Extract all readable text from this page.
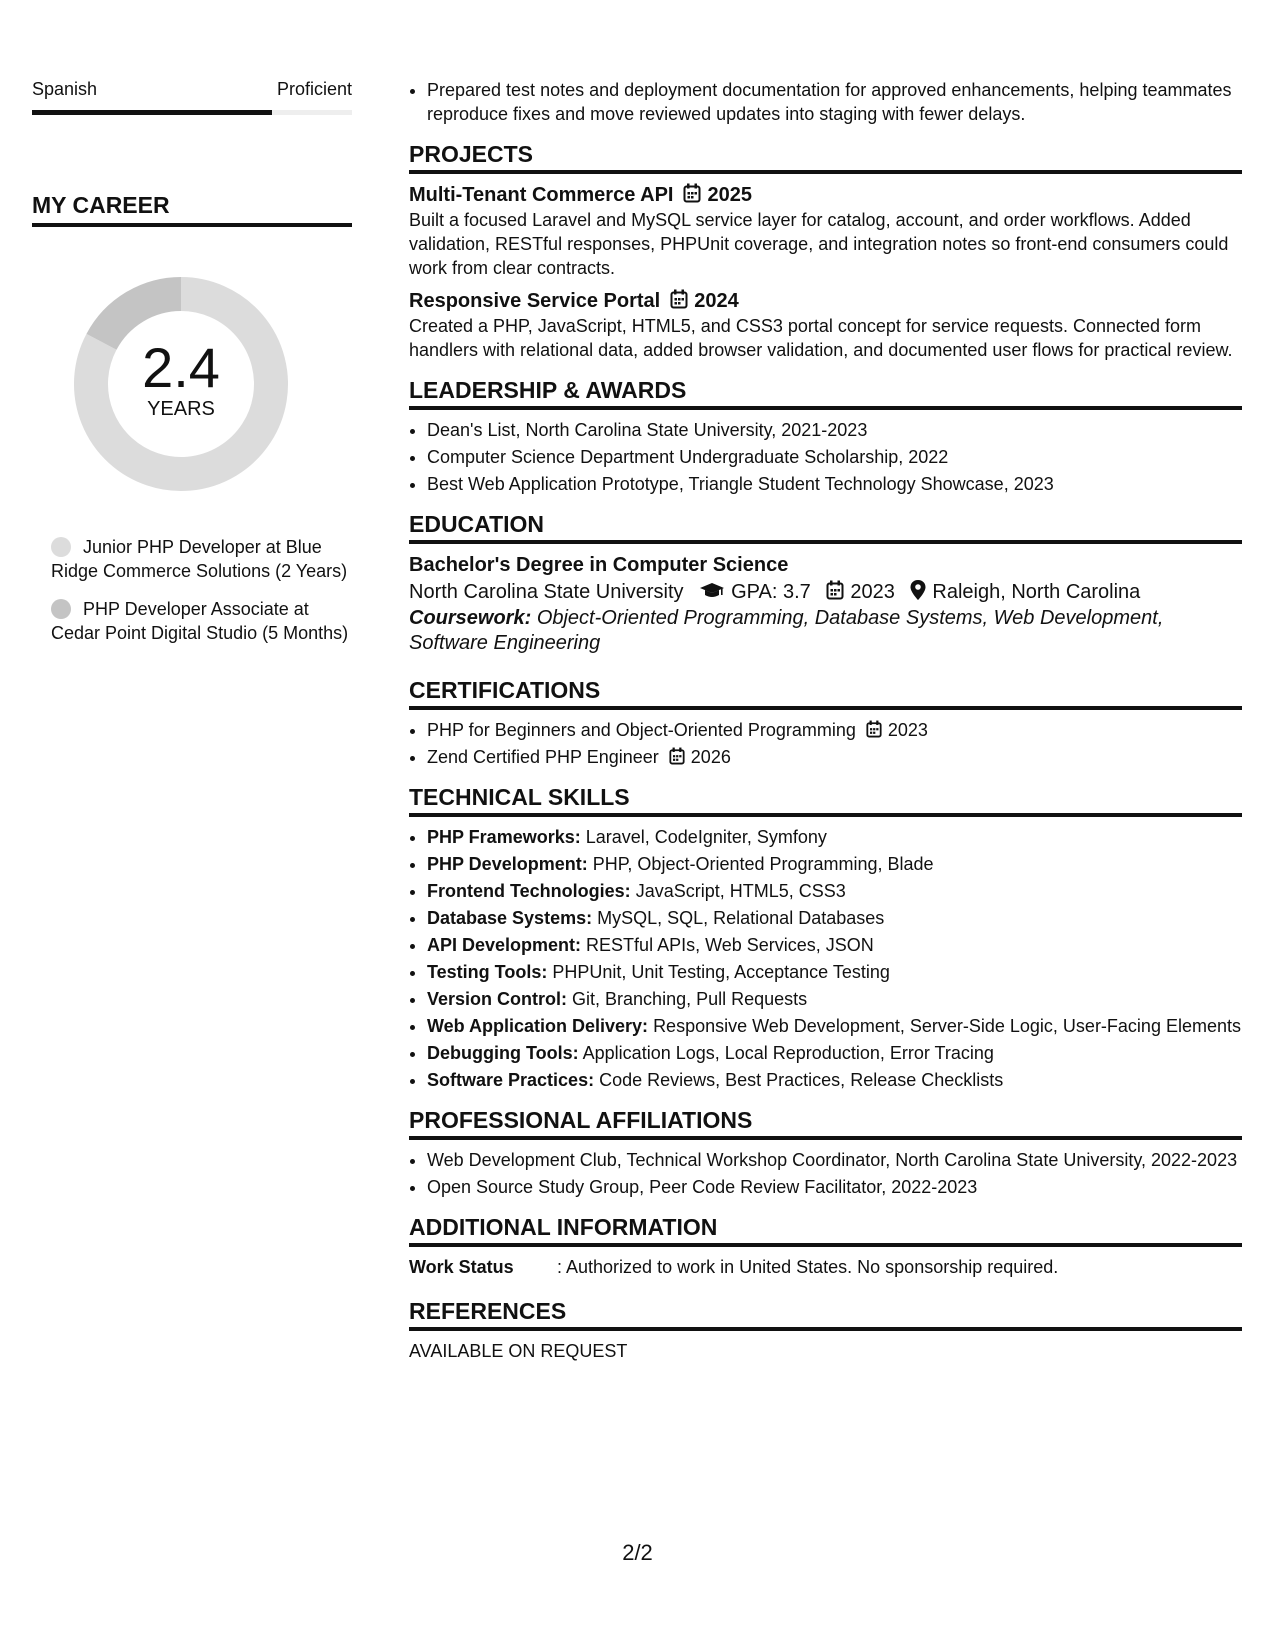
Spanish	Proficient
MY CAREER
2.4
YEARS
Junior PHP Developer at Blue Ridge Commerce Solutions (2 Years)
PHP Developer Associate at Cedar Point Digital Studio (5 Months)
• Prepared test notes and deployment documentation for approved enhancements, helping teammates reproduce fixes and move reviewed updates into staging with fewer delays.
PROJECTS
Multi-Tenant Commerce API 2025
Built a focused Laravel and MySQL service layer for catalog, account, and order workflows. Added validation, RESTful responses, PHPUnit coverage, and integration notes so front-end consumers could work from clear contracts.
Responsive Service Portal 2024
Created a PHP, JavaScript, HTML5, and CSS3 portal concept for service requests. Connected form handlers with relational data, added browser validation, and documented user flows for practical review.
LEADERSHIP & AWARDS
• Dean's List, North Carolina State University, 2021-2023
• Computer Science Department Undergraduate Scholarship, 2022
• Best Web Application Prototype, Triangle Student Technology Showcase, 2023
EDUCATION
Bachelor's Degree in Computer Science
North Carolina State University GPA: 3.7 2023 Raleigh, North Carolina
Coursework: Object-Oriented Programming, Database Systems, Web Development, Software Engineering
CERTIFICATIONS
• PHP for Beginners and Object-Oriented Programming 2023
• Zend Certified PHP Engineer 2026
TECHNICAL SKILLS
• PHP Frameworks: Laravel, CodeIgniter, Symfony
• PHP Development: PHP, Object-Oriented Programming, Blade
• Frontend Technologies: JavaScript, HTML5, CSS3
• Database Systems: MySQL, SQL, Relational Databases
• API Development: RESTful APIs, Web Services, JSON
• Testing Tools: PHPUnit, Unit Testing, Acceptance Testing
• Version Control: Git, Branching, Pull Requests
• Web Application Delivery: Responsive Web Development, Server-Side Logic, User-Facing Elements
• Debugging Tools: Application Logs, Local Reproduction, Error Tracing
• Software Practices: Code Reviews, Best Practices, Release Checklists
PROFESSIONAL AFFILIATIONS
• Web Development Club, Technical Workshop Coordinator, North Carolina State University, 2022-2023
• Open Source Study Group, Peer Code Review Facilitator, 2022-2023
ADDITIONAL INFORMATION
Work Status	: Authorized to work in United States. No sponsorship required.
REFERENCES
AVAILABLE ON REQUEST
2/2
